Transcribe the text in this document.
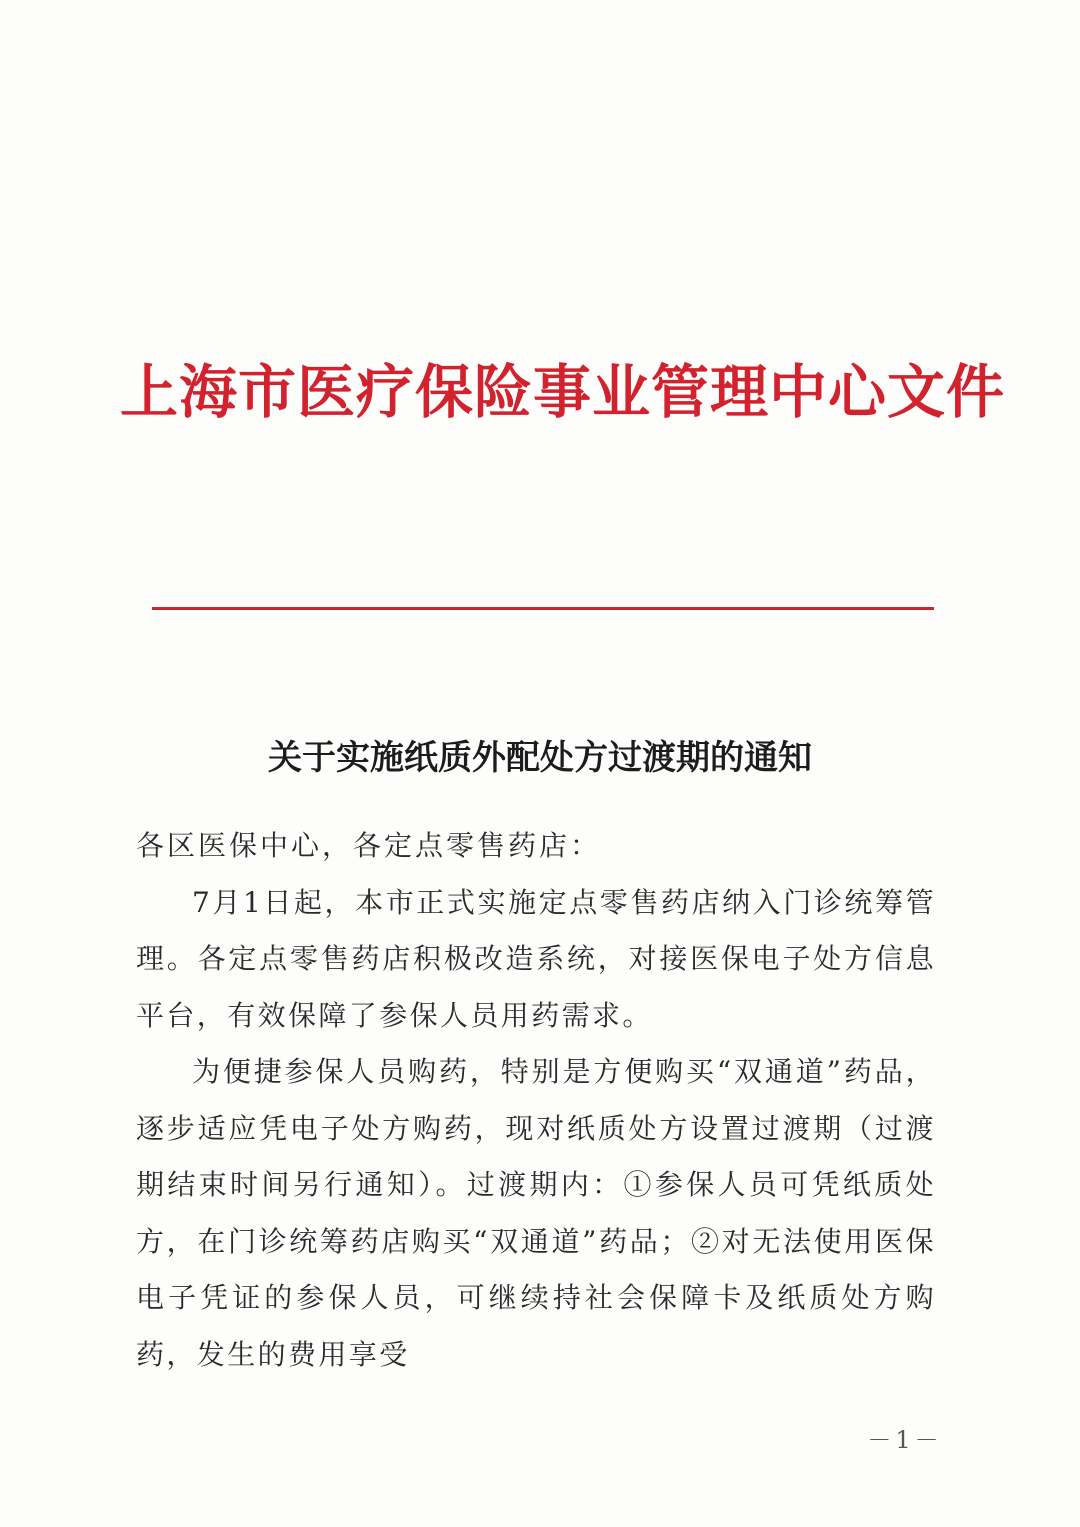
上海市医疗保险事业管理中心文件
关于实施纸质外配处方过渡期的通知

各区医保中心，各定点零售药店：

7月1日起，本市正式实施定点零售药店纳入门诊统筹管理。各定点零售药店积极改造系统，对接医保电子处方信息平台，有效保障了参保人员用药需求。

为便捷参保人员购药，特别是方便购买“双通道”药品，逐步适应凭电子处方购药，现对纸质处方设置过渡期（过渡期结束时间另行通知）。过渡期内：①参保人员可凭纸质处方，在门诊统筹药店购买“双通道”药品；②对无法使用医保电子凭证的参保人员，可继续持社会保障卡及纸质处方购药，发生的费用享受

－1－
